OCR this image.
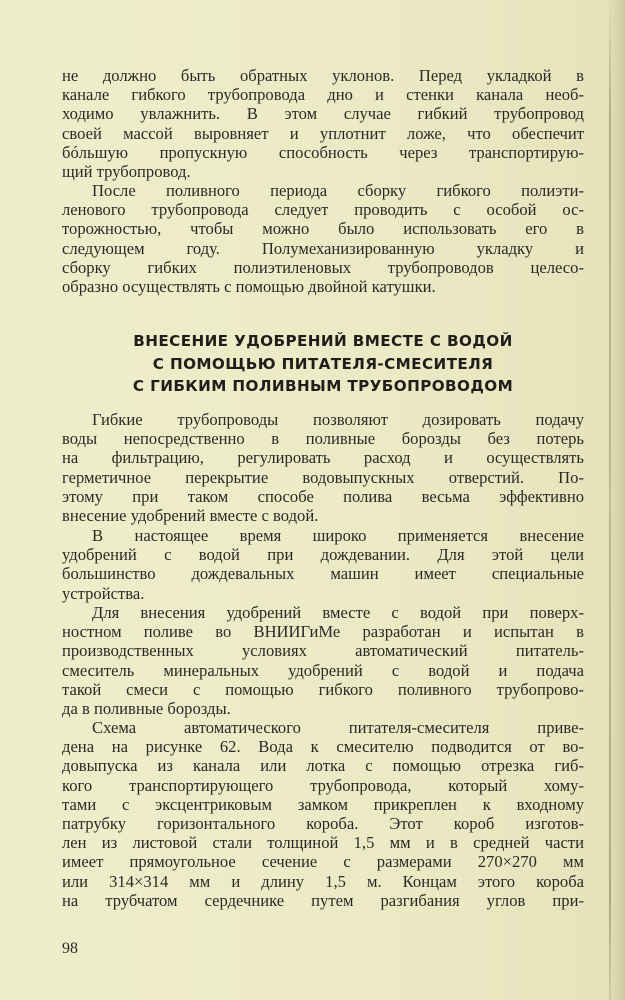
не должно быть обратных уклонов. Перед укладкой в
канале гибкого трубопровода дно и стенки канала необ-
ходимо увлажнить. В этом случае гибкий трубопровод
своей массой выровняет и уплотнит ложе, что обеспечит
бóльшую пропускную способность через транспортирую-
щий трубопровод.
После поливного периода сборку гибкого полиэти-
ленового трубопровода следует проводить с особой ос-
торожностью, чтобы можно было использовать его в
следующем году. Полумеханизированную укладку и
сборку гибких полиэтиленовых трубопроводов целесо-
образно осуществлять с помощью двойной катушки.
ВНЕСЕНИЕ УДОБРЕНИЙ ВМЕСТЕ С ВОДОЙ
С ПОМОЩЬЮ ПИТАТЕЛЯ-СМЕСИТЕЛЯ
С ГИБКИМ ПОЛИВНЫМ ТРУБОПРОВОДОМ
Гибкие трубопроводы позволяют дозировать подачу
воды непосредственно в поливные борозды без потерь
на фильтрацию, регулировать расход и осуществлять
герметичное перекрытие водовыпускных отверстий. По-
этому при таком способе полива весьма эффективно
внесение удобрений вместе с водой.
В настоящее время широко применяется внесение
удобрений с водой при дождевании. Для этой цели
большинство дождевальных машин имеет специальные
устройства.
Для внесения удобрений вместе с водой при поверх-
ностном поливе во ВНИИГиМе разработан и испытан в
производственных условиях автоматический питатель-
смеситель минеральных удобрений с водой и подача
такой смеси с помощью гибкого поливного трубопрово-
да в поливные борозды.
Схема автоматического питателя-смесителя приве-
дена на рисунке 62. Вода к смесителю подводится от во-
довыпуска из канала или лотка с помощью отрезка гиб-
кого транспортирующего трубопровода, который хому-
тами с эксцентриковым замком прикреплен к входному
патрубку горизонтального короба. Этот короб изготов-
лен из листовой стали толщиной 1,5 мм и в средней части
имеет прямоугольное сечение с размерами 270×270 мм
или 314×314 мм и длину 1,5 м. Концам этого короба
на трубчатом сердечнике путем разгибания углов при-
98
